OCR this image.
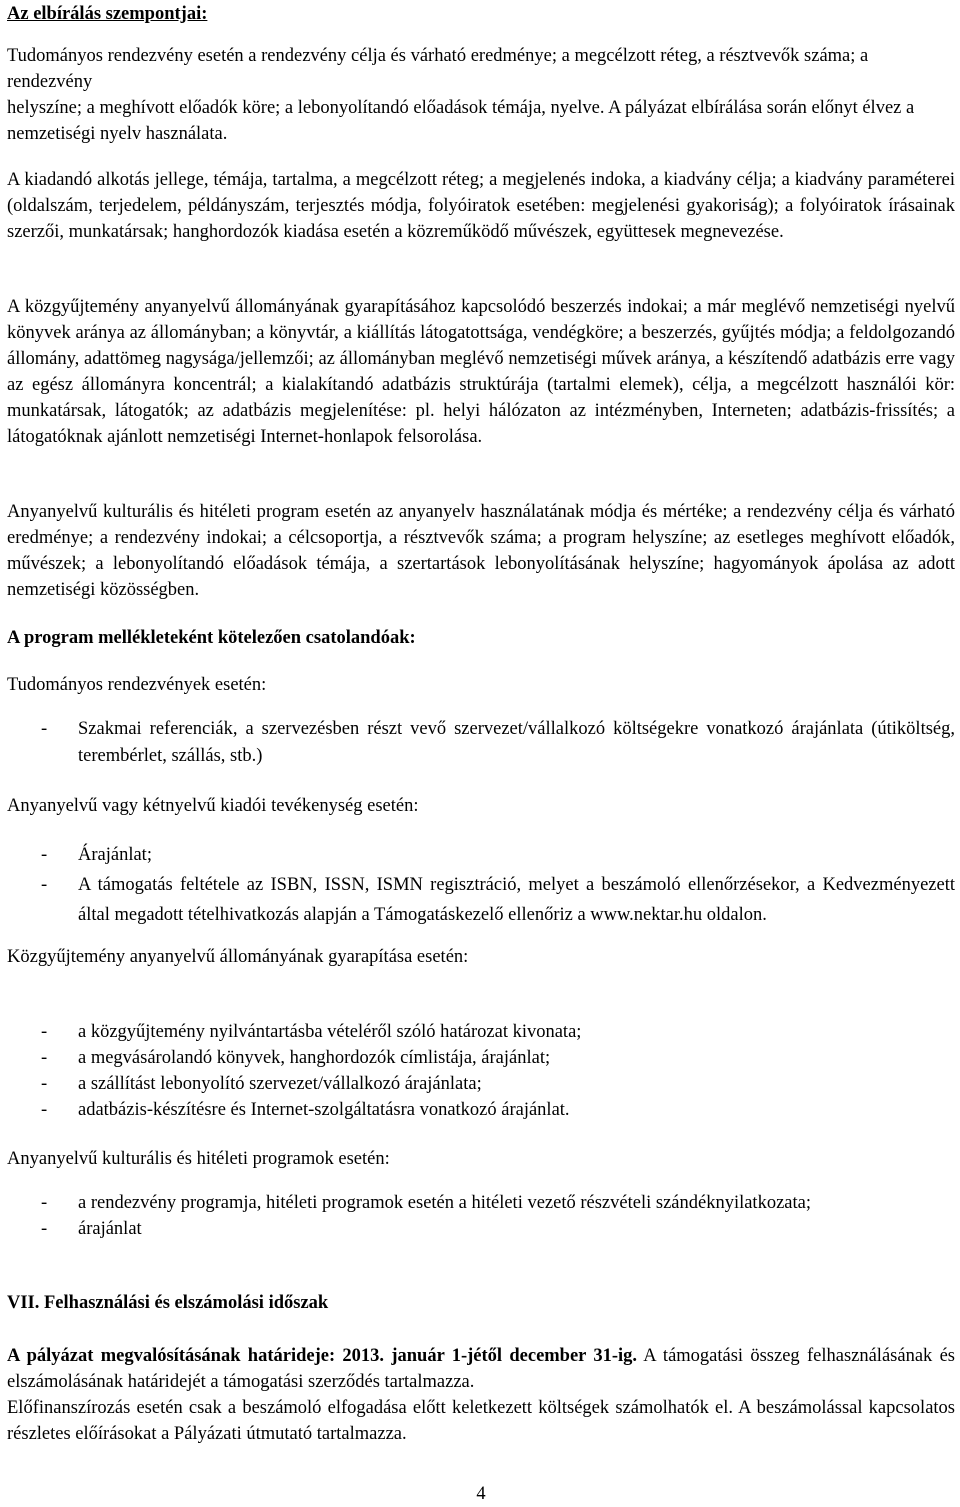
Az elbírálás szempontjai:

Tudományos rendezvény esetén a rendezvény célja és várható eredménye; a megcélzott réteg, a résztvevők száma; a rendezvény
helyszíne; a meghívott előadók köre; a lebonyolítandó előadások témája, nyelve. A pályázat elbírálása során előnyt élvez a nemzetiségi nyelv használata.

A kiadandó alkotás jellege, témája, tartalma, a megcélzott réteg; a megjelenés indoka, a kiadvány célja; a kiadvány paraméterei (oldalszám, terjedelem, példányszám, terjesztés módja, folyóiratok esetében: megjelenési gyakoriság); a folyóiratok írásainak szerzői, munkatársak; hanghordozók kiadása esetén a közreműködő művészek, együttesek megnevezése.

A közgyűjtemény anyanyelvű állományának gyarapításához kapcsolódó beszerzés indokai; a már meglévő nemzetiségi nyelvű könyvek aránya az állományban; a könyvtár, a kiállítás látogatottsága, vendégköre; a beszerzés, gyűjtés módja; a feldolgozandó állomány, adattömeg nagysága/jellemzői; az állományban meglévő nemzetiségi művek aránya, a készítendő adatbázis erre vagy az egész állományra koncentrál; a kialakítandó adatbázis struktúrája (tartalmi elemek), célja, a megcélzott használói kör: munkatársak, látogatók; az adatbázis megjelenítése: pl. helyi hálózaton az intézményben, Interneten; adatbázis-frissítés; a látogatóknak ajánlott nemzetiségi Internet-honlapok felsorolása.

Anyanyelvű kulturális és hitéleti program esetén az anyanyelv használatának módja és mértéke; a rendezvény célja és várható eredménye; a rendezvény indokai; a célcsoportja, a résztvevők száma; a program helyszíne; az esetleges meghívott előadók, művészek; a lebonyolítandó előadások témája, a szertartások lebonyolításának helyszíne; hagyományok ápolása az adott nemzetiségi közösségben.

A program mellékleteként kötelezően csatolandóak:
Tudományos rendezvények esetén:
- Szakmai referenciák, a szervezésben részt vevő szervezet/vállalkozó költségekre vonatkozó árajánlata (útiköltség, terembérlet, szállás, stb.)
Anyanyelvű vagy kétnyelvű kiadói tevékenység esetén:
- Árajánlat;
- A támogatás feltétele az ISBN, ISSN, ISMN regisztráció, melyet a beszámoló ellenőrzésekor, a Kedvezményezett által megadott tételhivatkozás alapján a Támogatáskezelő ellenőriz a www.nektar.hu oldalon.
Közgyűjtemény anyanyelvű állományának gyarapítása esetén:
- a közgyűjtemény nyilvántartásba vételéről szóló határozat kivonata;
- a megvásárolandó könyvek, hanghordozók címlistája, árajánlat;
- a szállítást lebonyolító szervezet/vállalkozó árajánlata;
- adatbázis-készítésre és Internet-szolgáltatásra vonatkozó árajánlat.
Anyanyelvű kulturális és hitéleti programok esetén:
- a rendezvény programja, hitéleti programok esetén a hitéleti vezető részvételi szándéknyilatkozata;
- árajánlat
VII. Felhasználási és elszámolási időszak

A pályázat megvalósításának határideje: 2013. január 1-jétől december 31-ig. A támogatási összeg felhasználásának és elszámolásának határidejét a támogatási szerződés tartalmazza.
Előfinanszírozás esetén csak a beszámoló elfogadása előtt keletkezett költségek számolhatók el. A beszámolással kapcsolatos részletes előírásokat a Pályázati útmutató tartalmazza.

4
